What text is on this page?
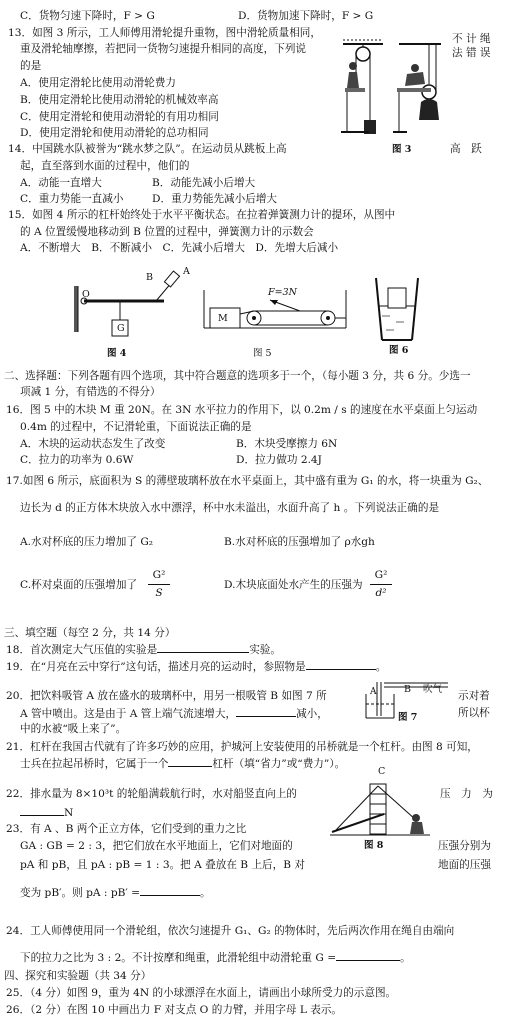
C．货物匀速下降时，F > G	D．货物加速下降时，F > G
13．如图 3 所示，工人师傅用滑轮提升重物，图中滑轮质量相同，	不 计 绳
重及滑轮轴摩擦，若把同一货物匀速提升相同的高度，下列说	法 错 误
的是
A．使用定滑轮比使用动滑轮费力
B．使用定滑轮比使用动滑轮的机械效率高
C．使用定滑轮和使用动滑轮的有用功相同
D．使用定滑轮和使用动滑轮的总功相同
图 3
14．中国跳水队被誉为“跳水梦之队”。在运动员从跳板上高	高　跃
起，直至落到水面的过程中，他们的
A．动能一直增大	B．动能先减小后增大
C．重力势能一直减小	D．重力势能先减小后增大
15．如图 4 所示的杠杆始终处于水平平衡状态。在拉着弹簧测力计的提环，从图中
的 A 位置缓慢地移动到 B 位置的过程中，弹簧测力计的示数会
A．不断增大　B．不断减小　C．先减小后增大　D．先增大后减小
O
B
A
G
图 4
F=3N
M
图 5	图 6
二、选择题：下列各题有四个选项，其中符合题意的选项多于一个，（每小题 3 分，共 6 分。少选一
项减 1 分，有错选的不得分）
16．图 5 中的木块 M 重 20N。在 3N 水平拉力的作用下，以 0.2m / s 的速度在水平桌面上匀运动
0.4m 的过程中，不记滑轮重，下面说法正确的是
A．木块的运动状态发生了改变	B．木块受摩擦力 6N
C．拉力的功率为 0.6W	D．拉力做功 2.4J
17.如图 6 所示，底面积为 S 的薄壁玻璃杯放在水平桌面上，其中盛有重为 G₁ 的水，将一块重为 G₂、
边长为 d 的正方体木块放入水中漂浮，杯中水未溢出，水面升高了 h 。下列说法正确的是
A.水对杯底的压力增加了 G₂	B.水对杯底的压强增加了 ρ水gh
C.杯对桌面的压强增加了
G²
S
D.木块底面处水产生的压强为
G²
d²
三、填空题（每空 2 分，共 14 分）
18．首次测定大气压值的实验是	实验。
19．在“月亮在云中穿行”这句话，描述月亮的运动时，参照物是	。
20．把饮料吸管 A 放在盛水的玻璃杯中，用另一根吸管 B 如图 7 所	示对着
A 管中喷出。这是由于 A 管上端气流速增大，	减小，	所以杯
中的水被“吸上来了”。
A	B 吹气
图 7
21．杠杆在我国古代就有了许多巧妙的应用，护城河上安装使用的吊桥就是一个杠杆。由图 8 可知，
士兵在拉起吊桥时，它属于一个	杠杆（填“省力”或“费力”）。
22．排水量为 8×10³t 的轮船满载航行时，水对船竖直向上的	压　力　为
N
C
图 8
23．有 A 、B 两个正立方体，它们受到的重力之比
GA : GB = 2 : 3，把它们放在水平地面上，它们对地面的	压强分别为
pA 和 pB，且 pA : pB = 1 : 3。把 A 叠放在 B 上后，B 对	地面的压强
变为 pB′。则 pA : pB′ =	。
24．工人师傅使用同一个滑轮组，依次匀速提升 G₁、G₂ 的物体时，先后两次作用在绳自由端向
下的拉力之比为 3 : 2。不计按摩和绳重，此滑轮组中动滑轮重 G =	。
四、探究和实验题（共 34 分）
25．（4 分）如图 9，重为 4N 的小球漂浮在水面上，请画出小球所受力的示意图。
26．（2 分）在图 10 中画出力 F 对支点 O 的力臂，并用字母 L 表示。
